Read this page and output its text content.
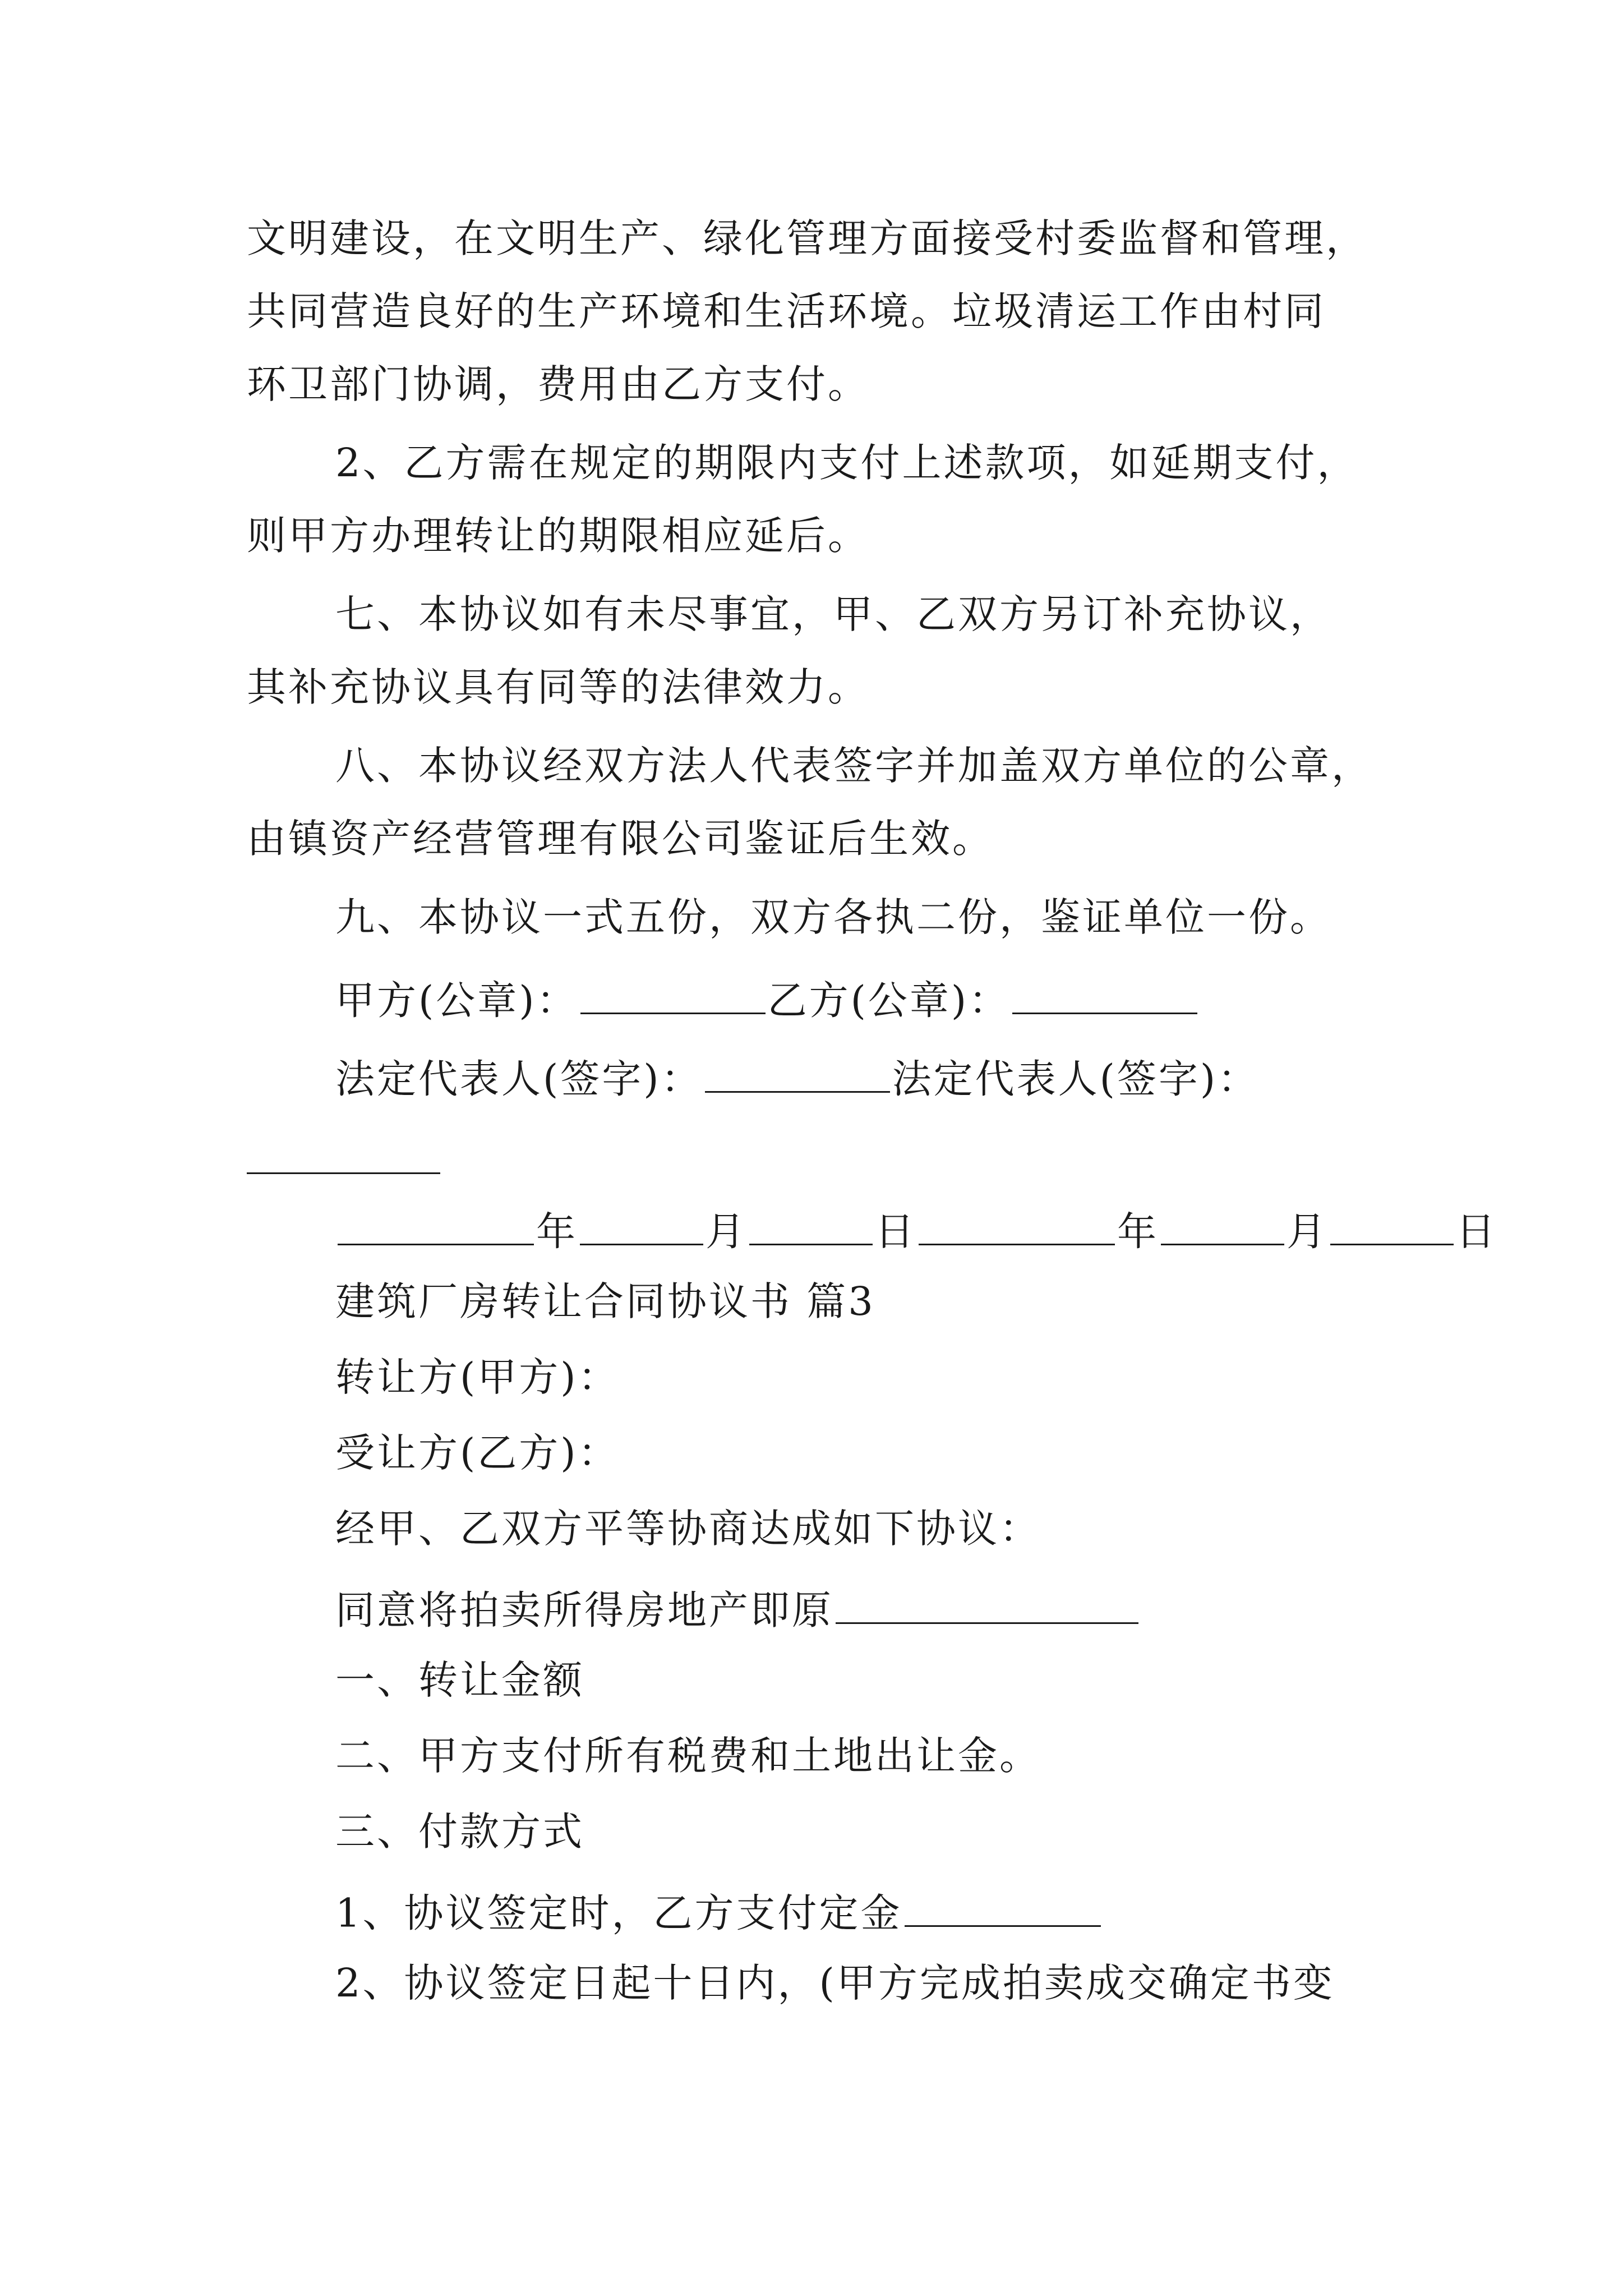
文明建设，在文明生产、绿化管理方面接受村委监督和管理，
共同营造良好的生产环境和生活环境。垃圾清运工作由村同
环卫部门协调，费用由乙方支付。
2、乙方需在规定的期限内支付上述款项，如延期支付，
则甲方办理转让的期限相应延后。
七、本协议如有未尽事宜，甲、乙双方另订补充协议，
其补充协议具有同等的法律效力。
八、本协议经双方法人代表签字并加盖双方单位的公章，
由镇资产经营管理有限公司鉴证后生效。
九、本协议一式五份，双方各执二份，鉴证单位一份。
甲方(公章)：	乙方(公章)：
法定代表人(签字)：	法定代表人(签字)：
年	月	日	年	月	日
建筑厂房转让合同协议书 篇3
转让方(甲方)：
受让方(乙方)：
经甲、乙双方平等协商达成如下协议：
同意将拍卖所得房地产即原
一、转让金额
二、甲方支付所有税费和土地出让金。
三、付款方式
1、协议签定时，乙方支付定金
2、协议签定日起十日内，(甲方完成拍卖成交确定书变
